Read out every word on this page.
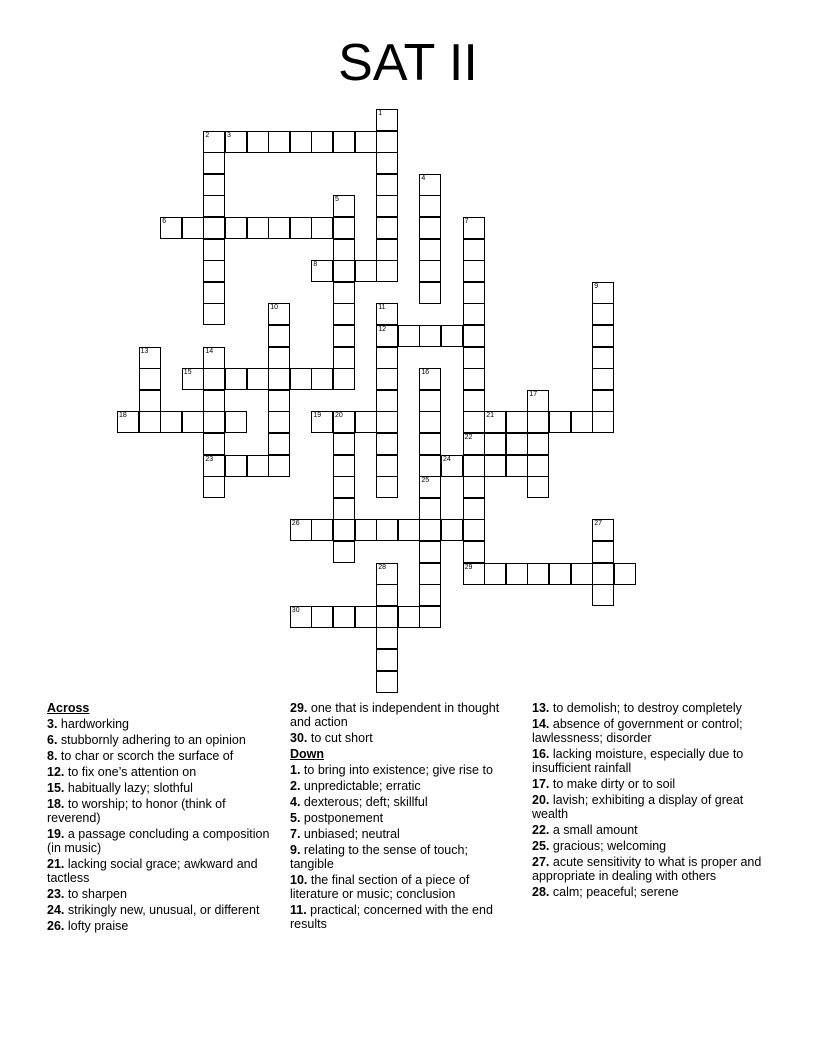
SAT II
1
2	3
4
5
6	7
22
8
9
10	11
12
13	14
23
15	16
17
18	19 20	21
24
25
26	27
28	29
30
Across
3. hardworking
6. stubbornly adhering to an opinion
8. to char or scorch the surface of
12. to fix one’s attention on
15. habitually lazy; slothful
18. to worship; to honor (think of reverend)
19. a passage concluding a composition (in music)
21. lacking social grace; awkward and tactless
23. to sharpen
24. strikingly new, unusual, or different
26. lofty praise
29. one that is independent in thought and action
30. to cut short
Down
1. to bring into existence; give rise to
2. unpredictable; erratic
4. dexterous; deft; skillful
5. postponement
7. unbiased; neutral
9. relating to the sense of touch; tangible
10. the final section of a piece of literature or music; conclusion
11. practical; concerned with the end results
13. to demolish; to destroy completely
14. absence of government or control; lawlessness; disorder
16. lacking moisture, especially due to insufficient rainfall
17. to make dirty or to soil
20. lavish; exhibiting a display of great wealth
22. a small amount
25. gracious; welcoming
27. acute sensitivity to what is proper and appropriate in dealing with others
28. calm; peaceful; serene
